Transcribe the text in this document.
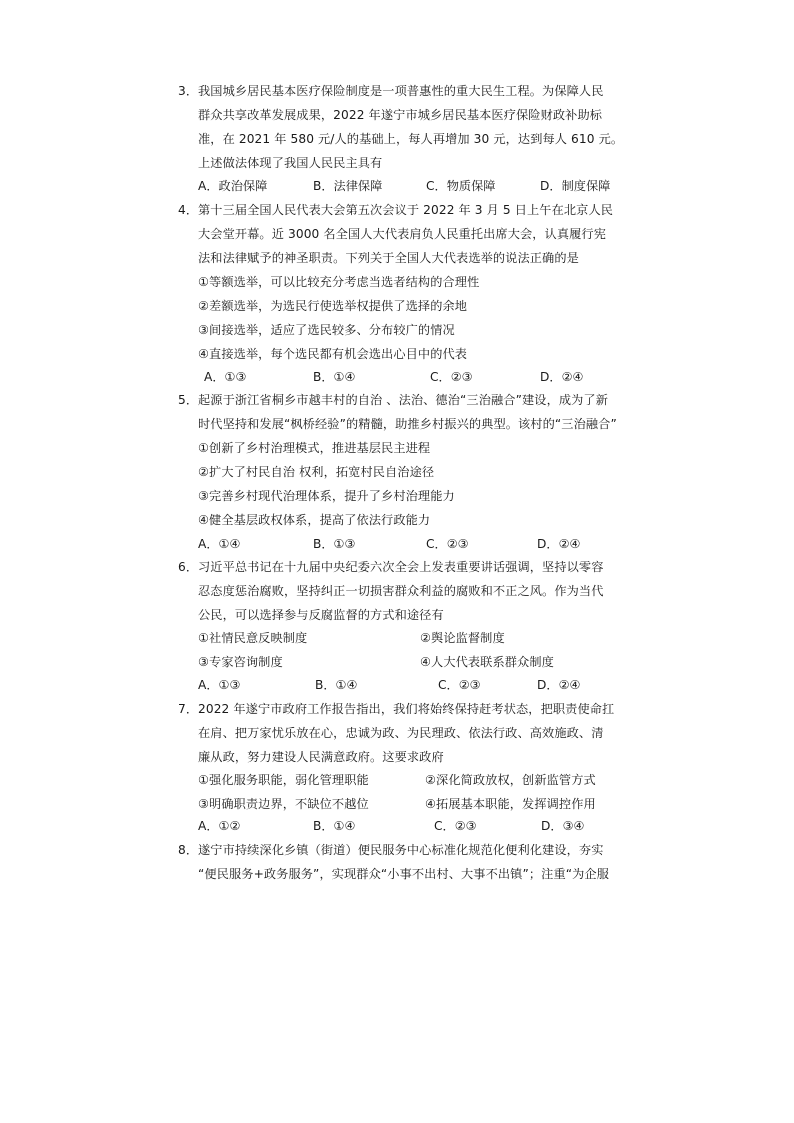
3． 我国城乡居民基本医疗保险制度是一项普惠性的重大民生工程。为保障人民
群众共享改革发展成果，2022 年遂宁市城乡居民基本医疗保险财政补助标
准，在 2021 年 580 元/人的基础上，每人再增加 30 元，达到每人 610 元。
上述做法体现了我国人民民主具有
A．政治保障	B．法律保障	C．物质保障	D．制度保障
4． 第十三届全国人民代表大会第五次会议于 2022 年 3 月 5 日上午在北京人民
大会堂开幕。近 3000 名全国人大代表肩负人民重托出席大会，认真履行宪
法和法律赋予的神圣职责。下列关于全国人大代表选举的说法正确的是
①等额选举，可以比较充分考虑当选者结构的合理性
②差额选举，为选民行使选举权提供了选择的余地
③间接选举，适应了选民较多、分布较广的情况
④直接选举，每个选民都有机会选出心目中的代表
A．①③	B．①④	C．②③	D．②④
5． 起源于浙江省桐乡市越丰村的自治 、法治、德治“三治融合”建设，成为了新
时代坚持和发展“枫桥经验”的精髓，助推乡村振兴的典型。该村的“三治融合”
①创新了乡村治理模式，推进基层民主进程
②扩大了村民自治 权利，拓宽村民自治途径
③完善乡村现代治理体系，提升了乡村治理能力
④健全基层政权体系，提高了依法行政能力
A．①④	B．①③	C．②③	D．②④
6． 习近平总书记在十九届中央纪委六次全会上发表重要讲话强调，坚持以零容
忍态度惩治腐败，坚持纠正一切损害群众利益的腐败和不正之风。作为当代
公民，可以选择参与反腐监督的方式和途径有
①社情民意反映制度	②舆论监督制度
③专家咨询制度	④人大代表联系群众制度
A．①③	B．①④	C．②③	D．②④
7． 2022 年遂宁市政府工作报告指出，我们将始终保持赶考状态，把职责使命扛
在肩、把万家忧乐放在心，忠诚为政、为民理政、依法行政、高效施政、清
廉从政，努力建设人民满意政府。这要求政府
①强化服务职能，弱化管理职能	②深化简政放权，创新监管方式
③明确职责边界，不缺位不越位	④拓展基本职能，发挥调控作用
A．①②	B．①④	C．②③	D．③④
8． 遂宁市持续深化乡镇（街道）便民服务中心标准化规范化便利化建设，夯实
“便民服务+政务服务”，实现群众“小事不出村、大事不出镇”；注重“为企服
